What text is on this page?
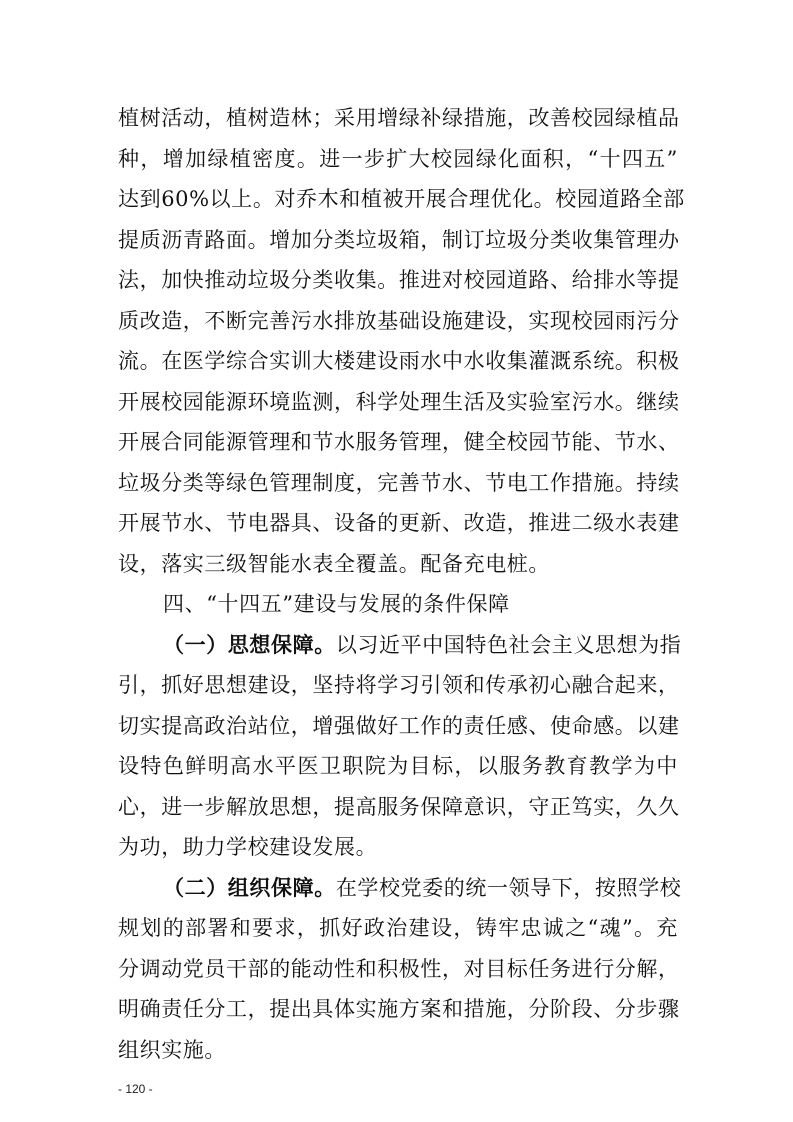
植树活动，植树造林；采用增绿补绿措施，改善校园绿植品
种，增加绿植密度。进一步扩大校园绿化面积，“十四五”
达到60%以上。对乔木和植被开展合理优化。校园道路全部
提质沥青路面。增加分类垃圾箱，制订垃圾分类收集管理办
法，加快推动垃圾分类收集。推进对校园道路、给排水等提
质改造，不断完善污水排放基础设施建设，实现校园雨污分
流。在医学综合实训大楼建设雨水中水收集灌溉系统。积极
开展校园能源环境监测，科学处理生活及实验室污水。继续
开展合同能源管理和节水服务管理，健全校园节能、节水、
垃圾分类等绿色管理制度，完善节水、节电工作措施。持续
开展节水、节电器具、设备的更新、改造，推进二级水表建
设，落实三级智能水表全覆盖。配备充电桩。
四、“十四五”建设与发展的条件保障
（一）思想保障。以习近平中国特色社会主义思想为指
引，抓好思想建设，坚持将学习引领和传承初心融合起来，
切实提高政治站位，增强做好工作的责任感、使命感。以建
设特色鲜明高水平医卫职院为目标，以服务教育教学为中
心，进一步解放思想，提高服务保障意识，守正笃实，久久
为功，助力学校建设发展。
（二）组织保障。在学校党委的统一领导下，按照学校
规划的部署和要求，抓好政治建设，铸牢忠诚之“魂”。充
分调动党员干部的能动性和积极性，对目标任务进行分解，
明确责任分工，提出具体实施方案和措施，分阶段、分步骤
组织实施。
- 120 -
